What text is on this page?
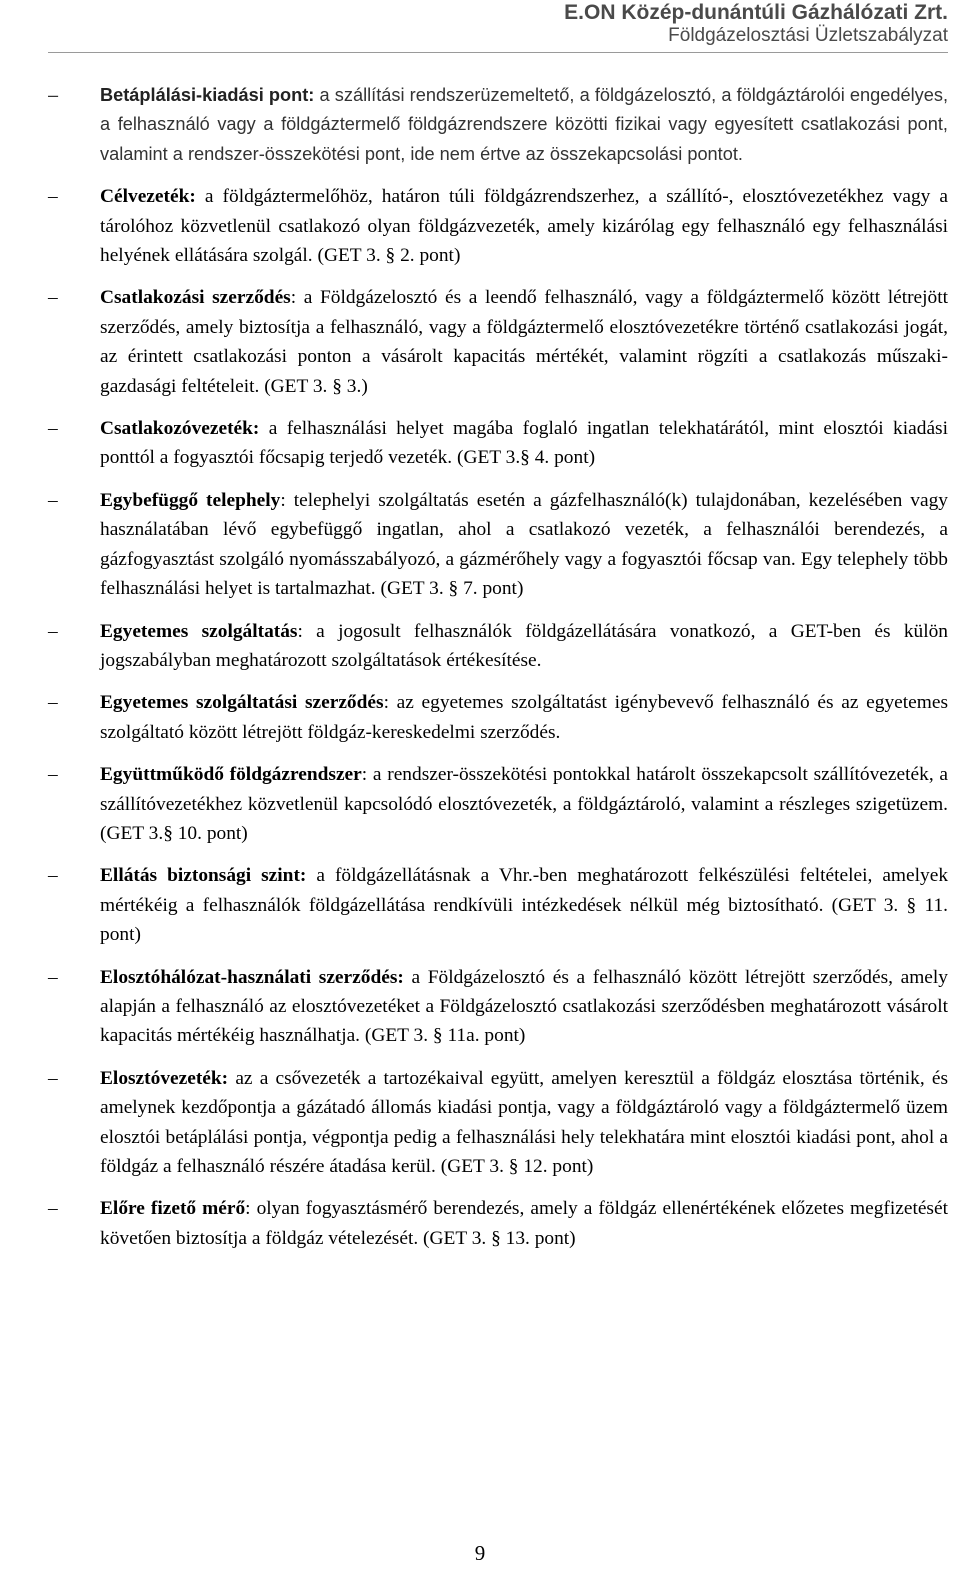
E.ON Közép-dunántúli Gázhálózati Zrt.
Földgázelosztási Üzletszabályzat
–	Betáplálási-kiadási pont: a szállítási rendszerüzemeltető, a földgázelosztó, a földgáztárolói engedélyes, a felhasználó vagy a földgáztermelő földgázrendszere közötti fizikai vagy egyesített csatlakozási pont, valamint a rendszer-összekötési pont, ide nem értve az összekapcsolási pontot.
–	Célvezeték: a földgáztermelőhöz, határon túli földgázrendszerhez, a szállító-, elosztóvezetékhez vagy a tárolóhoz közvetlenül csatlakozó olyan földgázvezeték, amely kizárólag egy felhasználó egy felhasználási helyének ellátására szolgál. (GET 3. § 2. pont)
–	Csatlakozási szerződés: a Földgázelosztó és a leendő felhasználó, vagy a földgáztermelő között létrejött szerződés, amely biztosítja a felhasználó, vagy a földgáztermelő elosztóvezetékre történő csatlakozási jogát, az érintett csatlakozási ponton a vásárolt kapacitás mértékét, valamint rögzíti a csatlakozás műszaki-gazdasági feltételeit. (GET 3. § 3.)
–	Csatlakozóvezeték: a felhasználási helyet magába foglaló ingatlan telekhatárától, mint elosztói kiadási ponttól a fogyasztói főcsapig terjedő vezeték. (GET 3.§ 4. pont)
–	Egybefüggő telephely: telephelyi szolgáltatás esetén a gázfelhasználó(k) tulajdonában, kezelésében vagy használatában lévő egybefüggő ingatlan, ahol a csatlakozó vezeték, a felhasználói berendezés, a gázfogyasztást szolgáló nyomásszabályozó, a gázmérőhely vagy a fogyasztói főcsap van. Egy telephely több felhasználási helyet is tartalmazhat. (GET 3. § 7. pont)
–	Egyetemes szolgáltatás: a jogosult felhasználók földgázellátására vonatkozó, a GET-ben és külön jogszabályban meghatározott szolgáltatások értékesítése.
–	Egyetemes szolgáltatási szerződés: az egyetemes szolgáltatást igénybevevő felhasználó és az egyetemes szolgáltató között létrejött földgáz-kereskedelmi szerződés.
–	Együttműködő földgázrendszer: a rendszer-összekötési pontokkal határolt összekapcsolt szállítóvezeték, a szállítóvezetékhez közvetlenül kapcsolódó elosztóvezeték, a földgáztároló, valamint a részleges szigetüzem. (GET 3.§ 10. pont)
–	Ellátás biztonsági szint: a földgázellátásnak a Vhr.-ben meghatározott felkészülési feltételei, amelyek mértékéig a felhasználók földgázellátása rendkívüli intézkedések nélkül még biztosítható. (GET 3. § 11. pont)
–	Elosztóhálózat-használati szerződés: a Földgázelosztó és a felhasználó között létrejött szerződés, amely alapján a felhasználó az elosztóvezetéket a Földgázelosztó csatlakozási szerződésben meghatározott vásárolt kapacitás mértékéig használhatja. (GET 3. § 11a. pont)
–	Elosztóvezeték: az a csővezeték a tartozékaival együtt, amelyen keresztül a földgáz elosztása történik, és amelynek kezdőpontja a gázátadó állomás kiadási pontja, vagy a földgáztároló vagy a földgáztermelő üzem elosztói betáplálási pontja, végpontja pedig a felhasználási hely telekhatára mint elosztói kiadási pont, ahol a földgáz a felhasználó részére átadása kerül. (GET 3. § 12. pont)
–	Előre fizető mérő: olyan fogyasztásmérő berendezés, amely a földgáz ellenértékének előzetes megfizetését követően biztosítja a földgáz vételezését. (GET 3. § 13. pont)
9
